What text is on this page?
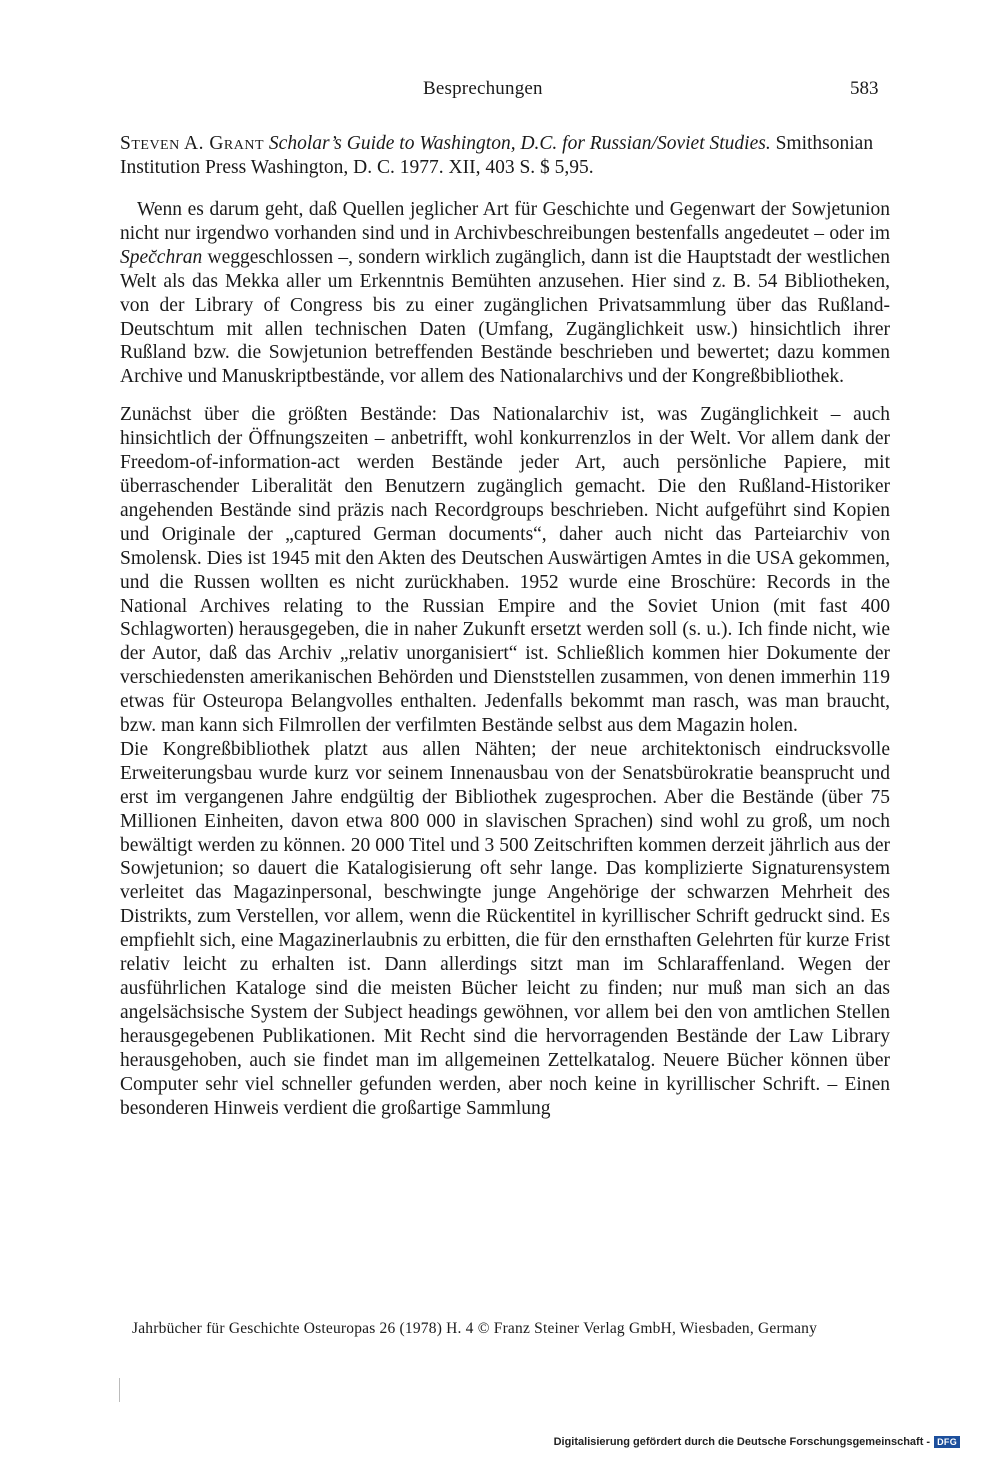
Besprechungen	583
Steven A. Grant Scholar’s Guide to Washington, D.C. for Russian/Soviet Studies. Smithsonian Institution Press Washington, D. C. 1977. XII, 403 S. $ 5,95.

Wenn es darum geht, daß Quellen jeglicher Art für Geschichte und Gegenwart der Sowjetunion nicht nur irgendwo vorhanden sind und in Archivbeschreibungen bestenfalls angedeutet – oder im Spec̆chran weggeschlossen –, sondern wirklich zugänglich, dann ist die Hauptstadt der westlichen Welt als das Mekka aller um Erkenntnis Bemühten anzusehen. Hier sind z. B. 54 Bibliotheken, von der Library of Congress bis zu einer zugänglichen Privatsammlung über das Rußland-Deutschtum mit allen technischen Daten (Umfang, Zugänglichkeit usw.) hinsichtlich ihrer Rußland bzw. die Sowjetunion betreffenden Bestände beschrieben und bewertet; dazu kommen Archive und Manuskriptbestände, vor allem des Nationalarchivs und der Kongreßbibliothek.

Zunächst über die größten Bestände: Das Nationalarchiv ist, was Zugänglichkeit – auch hinsichtlich der Öffnungszeiten – anbetrifft, wohl konkurrenzlos in der Welt. Vor allem dank der Freedom-of-information-act werden Bestände jeder Art, auch persönliche Papiere, mit überraschender Liberalität den Benutzern zugänglich gemacht. Die den Rußland-Historiker angehenden Bestände sind präzis nach Recordgroups beschrieben. Nicht aufgeführt sind Kopien und Originale der „captured German documents“, daher auch nicht das Parteiarchiv von Smolensk. Dies ist 1945 mit den Akten des Deutschen Auswärtigen Amtes in die USA gekommen, und die Russen wollten es nicht zurückhaben. 1952 wurde eine Broschüre: Records in the National Archives relating to the Russian Empire and the Soviet Union (mit fast 400 Schlagworten) herausgegeben, die in naher Zukunft ersetzt werden soll (s. u.). Ich finde nicht, wie der Autor, daß das Archiv „relativ unorganisiert“ ist. Schließlich kommen hier Dokumente der verschiedensten amerikanischen Behörden und Dienststellen zusammen, von denen immerhin 119 etwas für Osteuropa Belangvolles enthalten. Jedenfalls bekommt man rasch, was man braucht, bzw. man kann sich Filmrollen der verfilmten Bestände selbst aus dem Magazin holen.

Die Kongreßbibliothek platzt aus allen Nähten; der neue architektonisch eindrucksvolle Erweiterungsbau wurde kurz vor seinem Innenausbau von der Senatsbürokratie beansprucht und erst im vergangenen Jahre endgültig der Bibliothek zugesprochen. Aber die Bestände (über 75 Millionen Einheiten, davon etwa 800 000 in slavischen Sprachen) sind wohl zu groß, um noch bewältigt werden zu können. 20 000 Titel und 3 500 Zeitschriften kommen derzeit jährlich aus der Sowjetunion; so dauert die Katalogisierung oft sehr lange. Das komplizierte Signaturensystem verleitet das Magazinpersonal, beschwingte junge Angehörige der schwarzen Mehrheit des Distrikts, zum Verstellen, vor allem, wenn die Rückentitel in kyrillischer Schrift gedruckt sind. Es empfiehlt sich, eine Magazinerlaubnis zu erbitten, die für den ernsthaften Gelehrten für kurze Frist relativ leicht zu erhalten ist. Dann allerdings sitzt man im Schlaraffenland. Wegen der ausführlichen Kataloge sind die meisten Bücher leicht zu finden; nur muß man sich an das angelsächsische System der Subject headings gewöhnen, vor allem bei den von amtlichen Stellen herausgegebenen Publikationen. Mit Recht sind die hervorragenden Bestände der Law Library herausgehoben, auch sie findet man im allgemeinen Zettelkatalog. Neuere Bücher können über Computer sehr viel schneller gefunden werden, aber noch keine in kyrillischer Schrift. – Einen besonderen Hinweis verdient die großartige Sammlung

Jahrbücher für Geschichte Osteuropas 26 (1978) H. 4 © Franz Steiner Verlag GmbH, Wiesbaden, Germany
Digitalisierung gefördert durch die Deutsche Forschungsgemeinschaft - DFG
